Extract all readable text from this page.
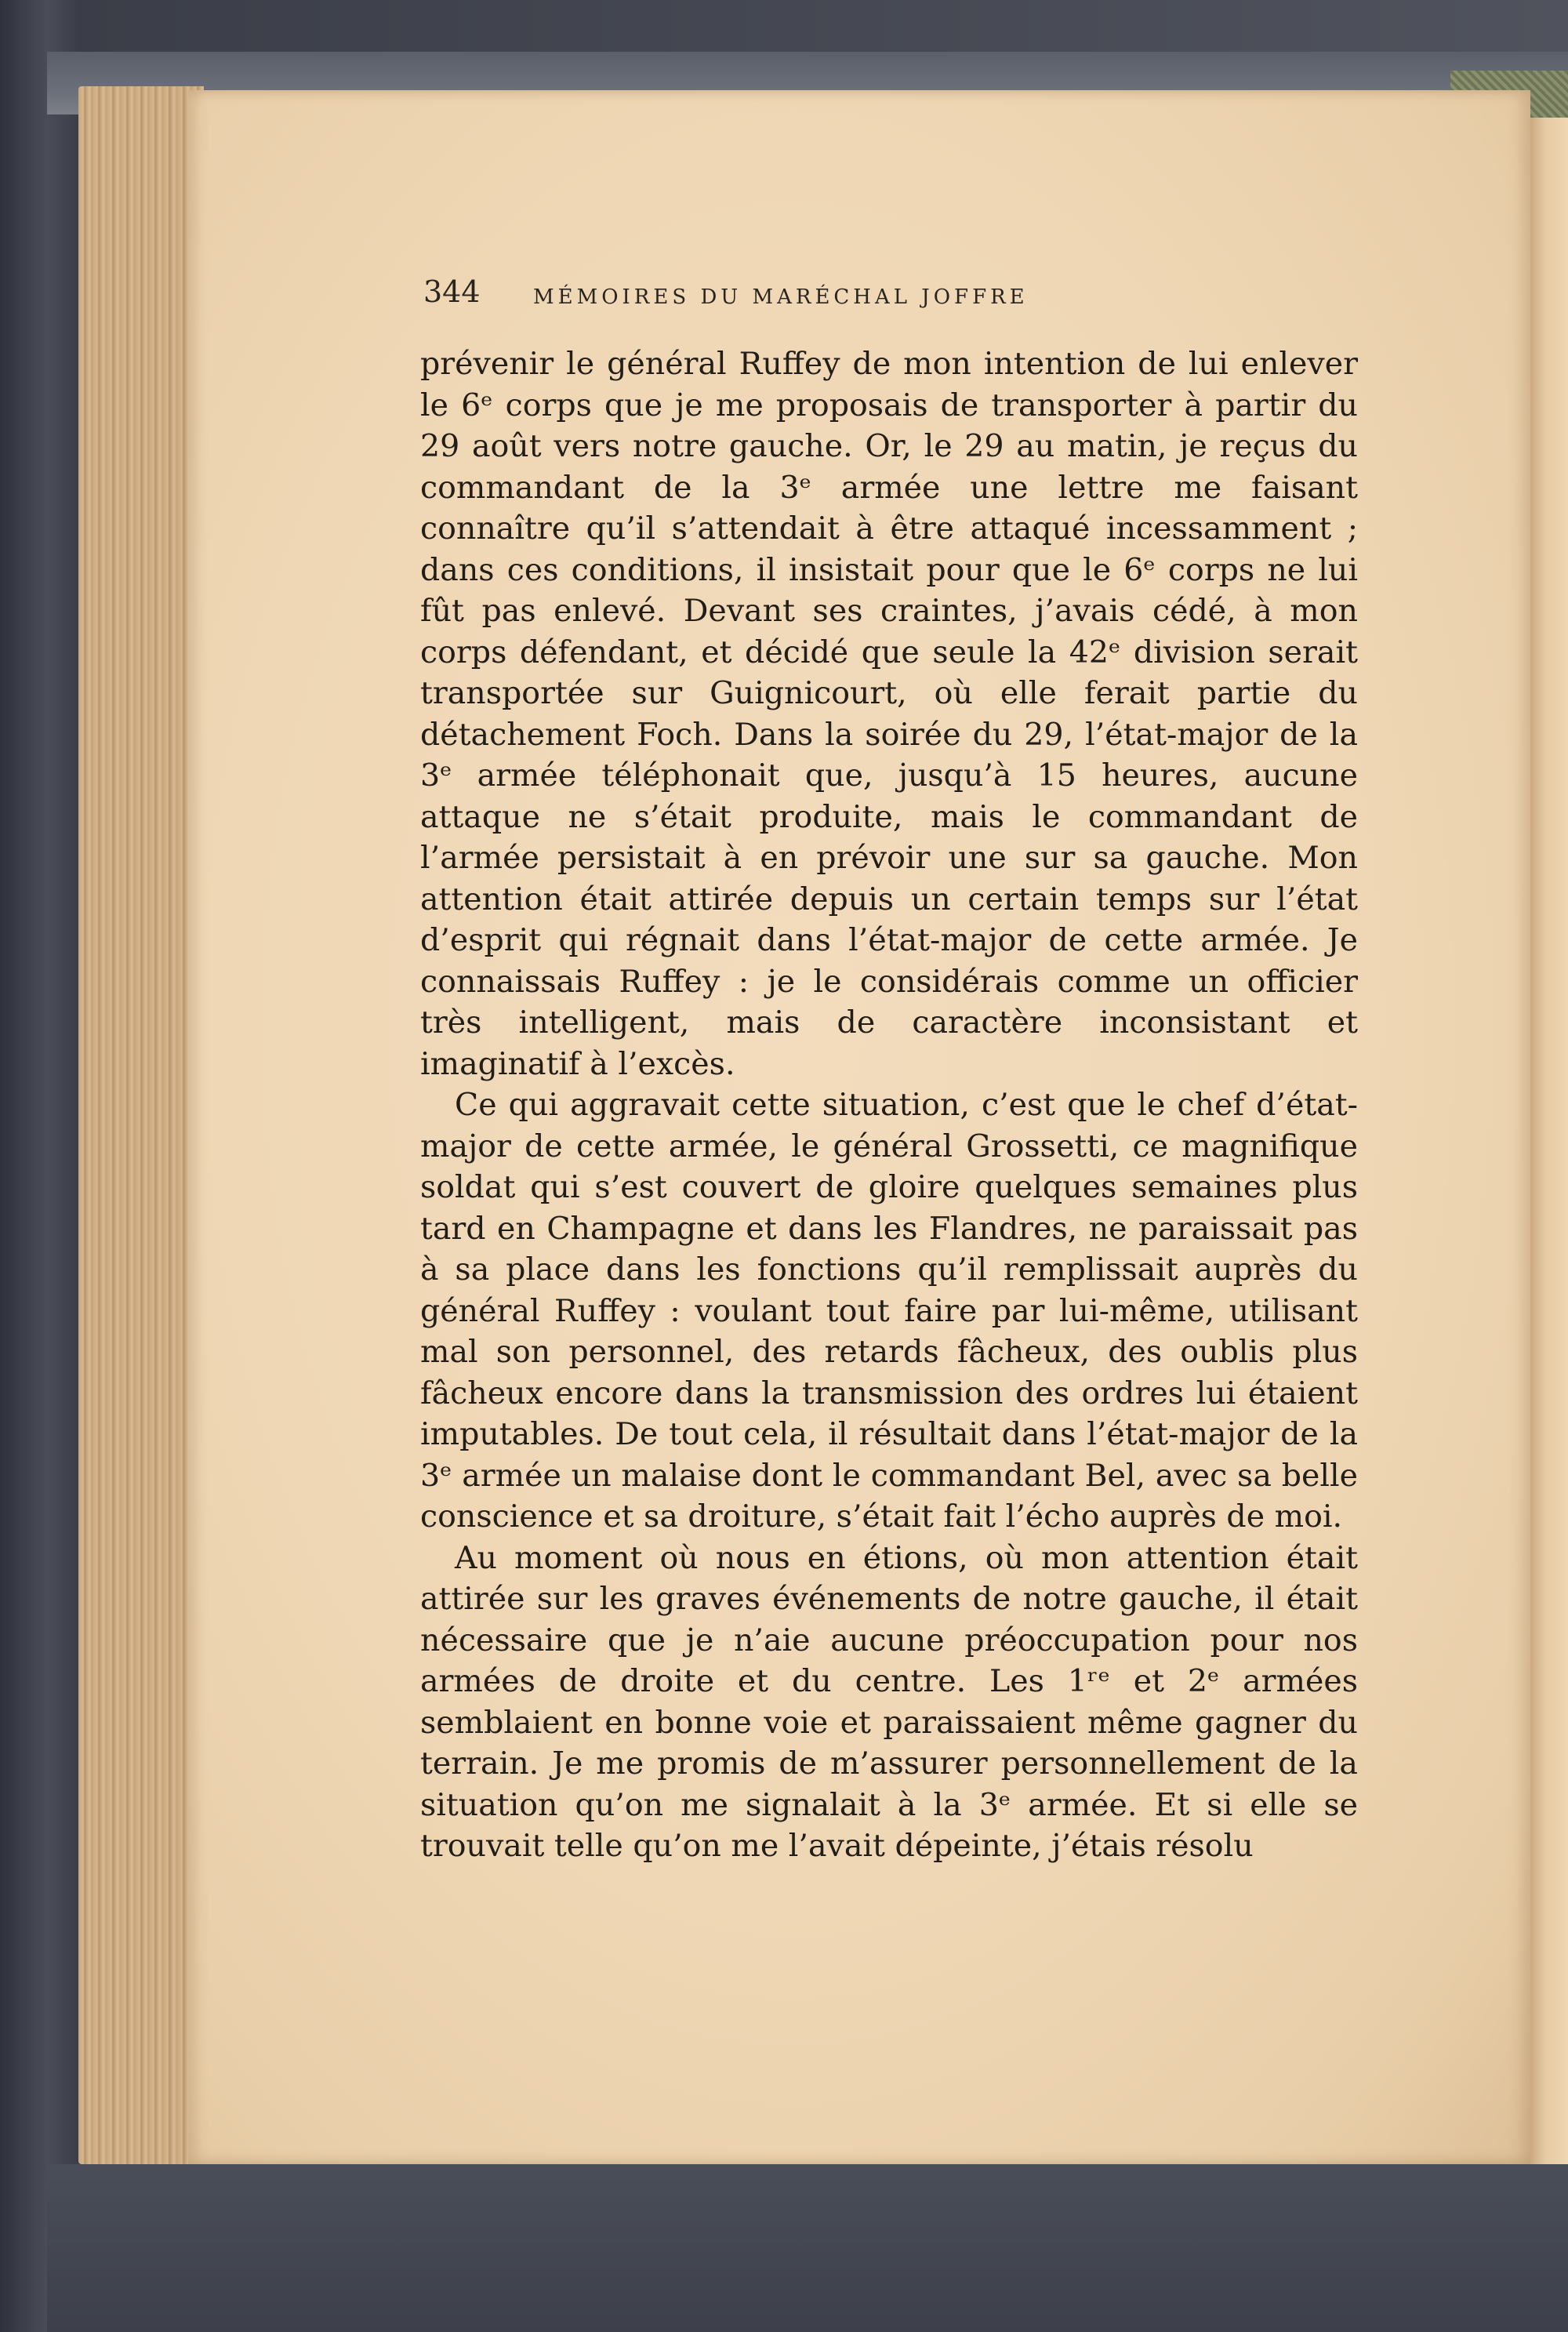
344	MÉMOIRES DU MARÉCHAL JOFFRE

prévenir le général Ruffey de mon intention de lui enlever le 6ᵉ corps que je me proposais de transporter à partir du 29 août vers notre gauche. Or, le 29 au matin, je reçus du commandant de la 3ᵉ armée une lettre me faisant connaître qu’il s’attendait à être attaqué incessamment ; dans ces conditions, il insistait pour que le 6ᵉ corps ne lui fût pas enlevé. Devant ses craintes, j’avais cédé, à mon corps défendant, et décidé que seule la 42ᵉ division serait transportée sur Guignicourt, où elle ferait partie du détachement Foch. Dans la soirée du 29, l’état-major de la 3ᵉ armée téléphonait que, jusqu’à 15 heures, aucune attaque ne s’était produite, mais le commandant de l’armée persistait à en prévoir une sur sa gauche. Mon attention était attirée depuis un certain temps sur l’état d’esprit qui régnait dans l’état-major de cette armée. Je connaissais Ruffey : je le considérais comme un officier très intelligent, mais de caractère inconsistant et imaginatif à l’excès.

Ce qui aggravait cette situation, c’est que le chef d’état-major de cette armée, le général Grossetti, ce magnifique soldat qui s’est couvert de gloire quelques semaines plus tard en Champagne et dans les Flandres, ne paraissait pas à sa place dans les fonctions qu’il remplissait auprès du général Ruffey : voulant tout faire par lui-même, utilisant mal son personnel, des retards fâcheux, des oublis plus fâcheux encore dans la transmission des ordres lui étaient imputables. De tout cela, il résultait dans l’état-major de la 3ᵉ armée un malaise dont le commandant Bel, avec sa belle conscience et sa droiture, s’était fait l’écho auprès de moi.

Au moment où nous en étions, où mon attention était attirée sur les graves événements de notre gauche, il était nécessaire que je n’aie aucune préoccupation pour nos armées de droite et du centre. Les 1ʳᵉ et 2ᵉ armées semblaient en bonne voie et paraissaient même gagner du terrain. Je me promis de m’assurer personnellement de la situation qu’on me signalait à la 3ᵉ armée. Et si elle se trouvait telle qu’on me l’avait dépeinte, j’étais résolu
